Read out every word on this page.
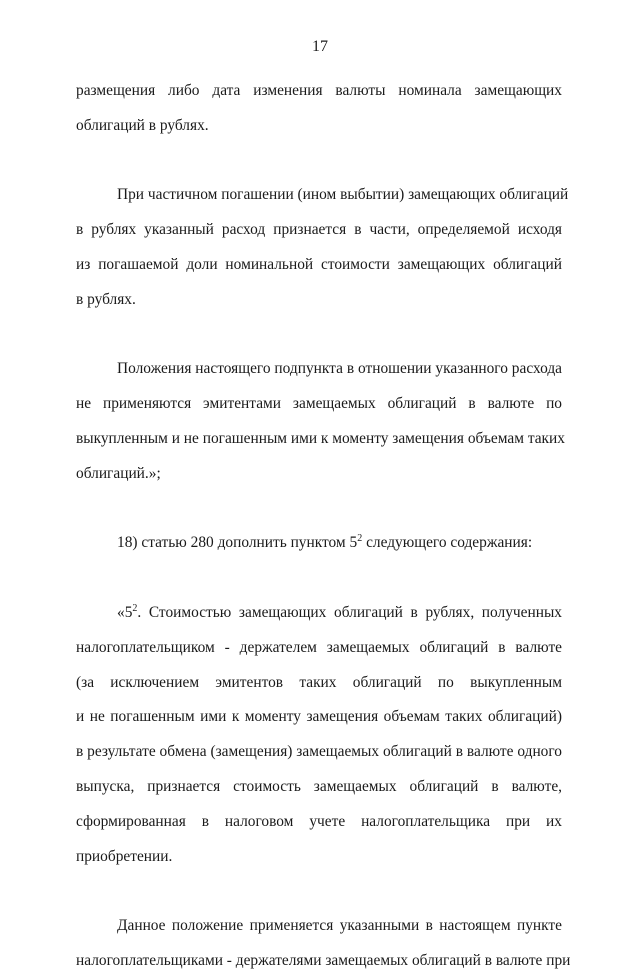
17
размещения либо дата изменения валюты номинала замещающих
облигаций в рублях.
При частичном погашении (ином выбытии) замещающих облигаций
в рублях указанный расход признается в части, определяемой исходя
из погашаемой доли номинальной стоимости замещающих облигаций
в рублях.
Положения настоящего подпункта в отношении указанного расхода
не применяются эмитентами замещаемых облигаций в валюте по
выкупленным и не погашенным ими к моменту замещения объемам таких
облигаций.»;
18) статью 280 дополнить пунктом $5^2$ следующего содержания:
«$5^2$. Стоимостью замещающих облигаций в рублях, полученных
налогоплательщиком - держателем замещаемых облигаций в валюте
(за исключением эмитентов таких облигаций по выкупленным
и не погашенным ими к моменту замещения объемам таких облигаций)
в результате обмена (замещения) замещаемых облигаций в валюте одного
выпуска, признается стоимость замещаемых облигаций в валюте,
сформированная в налоговом учете налогоплательщика при их
приобретении.
Данное положение применяется указанными в настоящем пункте
налогоплательщиками - держателями замещаемых облигаций в валюте при
